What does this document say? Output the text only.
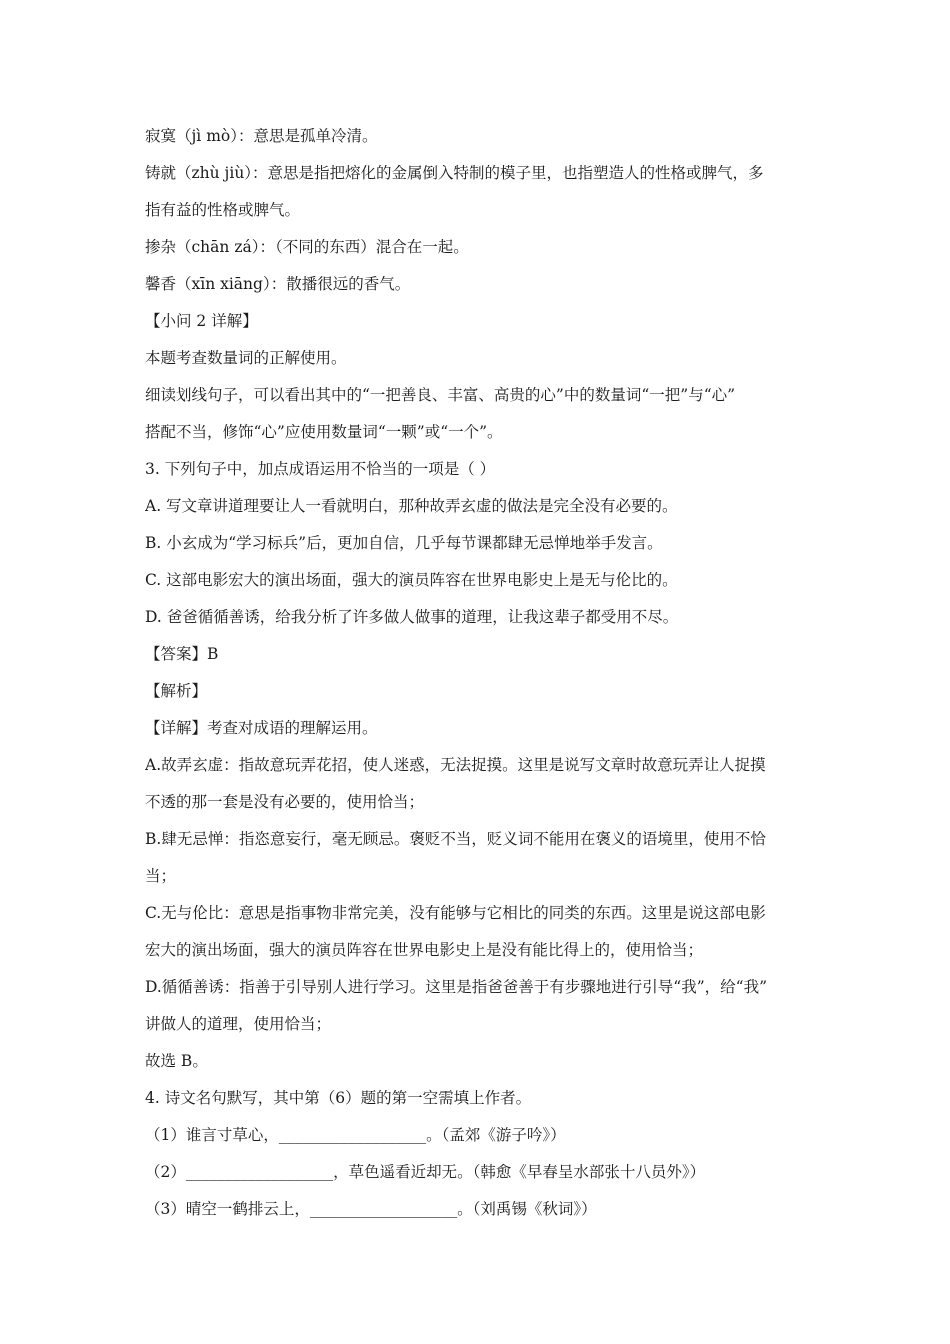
寂寞（jì mò）：意思是孤单冷清。
铸就（zhù jiù）：意思是指把熔化的金属倒入特制的模子里，也指塑造人的性格或脾气，多
指有益的性格或脾气。
掺杂（chān zá）：（不同的东西）混合在一起。
馨香（xīn xiāng）：散播很远的香气。
【小问 2 详解】
本题考查数量词的正解使用。
细读划线句子，可以看出其中的“一把善良、丰富、高贵的心”中的数量词“一把”与“心”
搭配不当，修饰“心”应使用数量词“一颗”或“一个”。
3. 下列句子中，加点成语运用不恰当的一项是（ ）
A. 写文章讲道理要让人一看就明白，那种故弄玄虚的做法是完全没有必要的。
B. 小玄成为“学习标兵”后，更加自信，几乎每节课都肆无忌惮地举手发言。
C. 这部电影宏大的演出场面，强大的演员阵容在世界电影史上是无与伦比的。
D. 爸爸循循善诱，给我分析了许多做人做事的道理，让我这辈子都受用不尽。
【答案】B
【解析】
【详解】考查对成语的理解运用。
A.故弄玄虚：指故意玩弄花招，使人迷惑，无法捉摸。这里是说写文章时故意玩弄让人捉摸
不透的那一套是没有必要的，使用恰当；
B.肆无忌惮：指恣意妄行，毫无顾忌。褒贬不当，贬义词不能用在褒义的语境里，使用不恰
当；
C.无与伦比：意思是指事物非常完美，没有能够与它相比的同类的东西。这里是说这部电影
宏大的演出场面，强大的演员阵容在世界电影史上是没有能比得上的，使用恰当；
D.循循善诱：指善于引导别人进行学习。这里是指爸爸善于有步骤地进行引导“我”，给“我”
讲做人的道理，使用恰当；
故选 B。
4. 诗文名句默写，其中第（6）题的第一空需填上作者。
（1）谁言寸草心，___________________。（孟郊《游子吟》）
（2）___________________，草色遥看近却无。（韩愈《早春呈水部张十八员外》）
（3）晴空一鹤排云上，___________________。（刘禹锡《秋词》）
